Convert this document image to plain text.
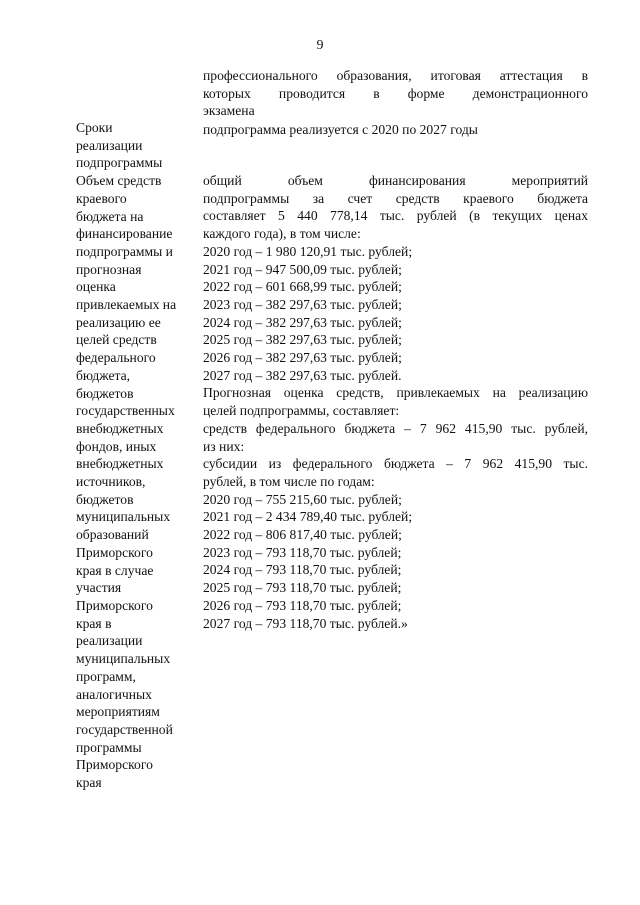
9
профессионального образования, итоговая аттестация в
которых проводится в форме демонстрационного
экзамена
Сроки
реализации
подпрограммы
Объем средств
краевого
бюджета на
финансирование
подпрограммы и
прогнозная
оценка
привлекаемых на
реализацию ее
целей средств
федерального
бюджета,
бюджетов
государственных
внебюджетных
фондов, иных
внебюджетных
источников,
бюджетов
муниципальных
образований
Приморского
края в случае
участия
Приморского
края в
реализации
муниципальных
программ,
аналогичных
мероприятиям
государственной
программы
Приморского
края
подпрограмма реализуется с 2020 по 2027 годы
общий объем финансирования мероприятий
подпрограммы за счет средств краевого бюджета
составляет 5 440 778,14 тыс. рублей (в текущих ценах
каждого года), в том числе:
2020 год – 1 980 120,91 тыс. рублей;
2021 год – 947 500,09 тыс. рублей;
2022 год – 601 668,99 тыс. рублей;
2023 год – 382 297,63 тыс. рублей;
2024 год – 382 297,63 тыс. рублей;
2025 год – 382 297,63 тыс. рублей;
2026 год – 382 297,63 тыс. рублей;
2027 год – 382 297,63 тыс. рублей.
Прогнозная оценка средств, привлекаемых на реализацию
целей подпрограммы, составляет:
средств федерального бюджета – 7 962 415,90 тыс. рублей,
из них:
субсидии из федерального бюджета – 7 962 415,90 тыс.
рублей, в том числе по годам:
2020 год – 755 215,60 тыс. рублей;
2021 год – 2 434 789,40 тыс. рублей;
2022 год – 806 817,40 тыс. рублей;
2023 год – 793 118,70 тыс. рублей;
2024 год – 793 118,70 тыс. рублей;
2025 год – 793 118,70 тыс. рублей;
2026 год – 793 118,70 тыс. рублей;
2027 год – 793 118,70 тыс. рублей.»
